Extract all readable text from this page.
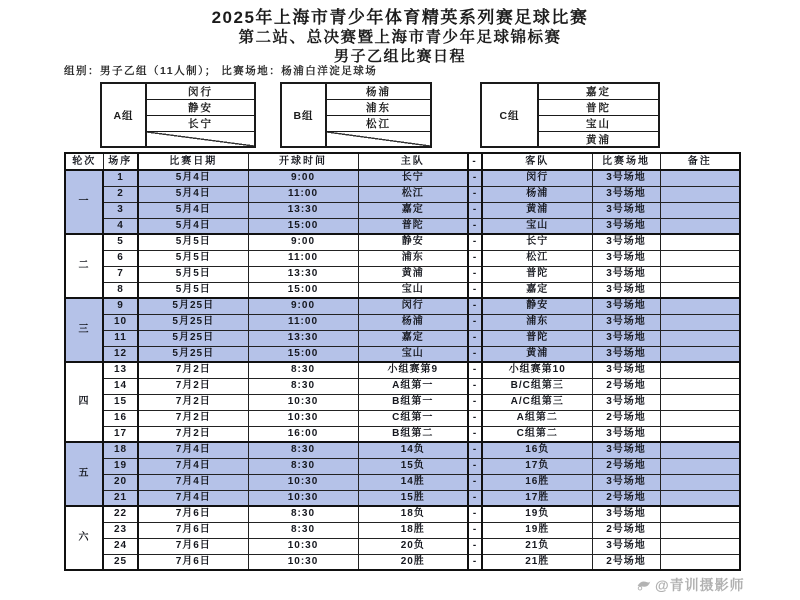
2025年上海市青少年体育精英系列赛足球比赛
第二站、总决赛暨上海市青少年足球锦标赛
男子乙组比赛日程
组别：男子乙组（11人制）； 比赛场地：杨浦白洋淀足球场
A组
闵行
静安
长宁
B组
杨浦
浦东
松江
C组
嘉定
普陀
宝山
黄浦
轮次	场序	比赛日期	开球时间	主队	-	客队	比赛场地	备注
一	1	5月4日	9:00	长宁	-	闵行	3号场地	
	2	5月4日	11:00	松江	-	杨浦	3号场地	
	3	5月4日	13:30	嘉定	-	黄浦	3号场地	
	4	5月4日	15:00	普陀	-	宝山	3号场地	
二	5	5月5日	9:00	静安	-	长宁	3号场地	
	6	5月5日	11:00	浦东	-	松江	3号场地	
	7	5月5日	13:30	黄浦	-	普陀	3号场地	
	8	5月5日	15:00	宝山	-	嘉定	3号场地	
三	9	5月25日	9:00	闵行	-	静安	3号场地	
	10	5月25日	11:00	杨浦	-	浦东	3号场地	
	11	5月25日	13:30	嘉定	-	普陀	3号场地	
	12	5月25日	15:00	宝山	-	黄浦	3号场地	
四	13	7月2日	8:30	小组赛第9	-	小组赛第10	3号场地	
	14	7月2日	8:30	A组第一	-	B/C组第三	2号场地	
	15	7月2日	10:30	B组第一	-	A/C组第三	3号场地	
	16	7月2日	10:30	C组第一	-	A组第二	2号场地	
	17	7月2日	16:00	B组第二	-	C组第二	3号场地	
五	18	7月4日	8:30	14负	-	16负	3号场地	
	19	7月4日	8:30	15负	-	17负	2号场地	
	20	7月4日	10:30	14胜	-	16胜	3号场地	
	21	7月4日	10:30	15胜	-	17胜	2号场地	
六	22	7月6日	8:30	18负	-	19负	3号场地	
	23	7月6日	8:30	18胜	-	19胜	2号场地	
	24	7月6日	10:30	20负	-	21负	3号场地	
	25	7月6日	10:30	20胜	-	21胜	2号场地	
@青训摄影师
